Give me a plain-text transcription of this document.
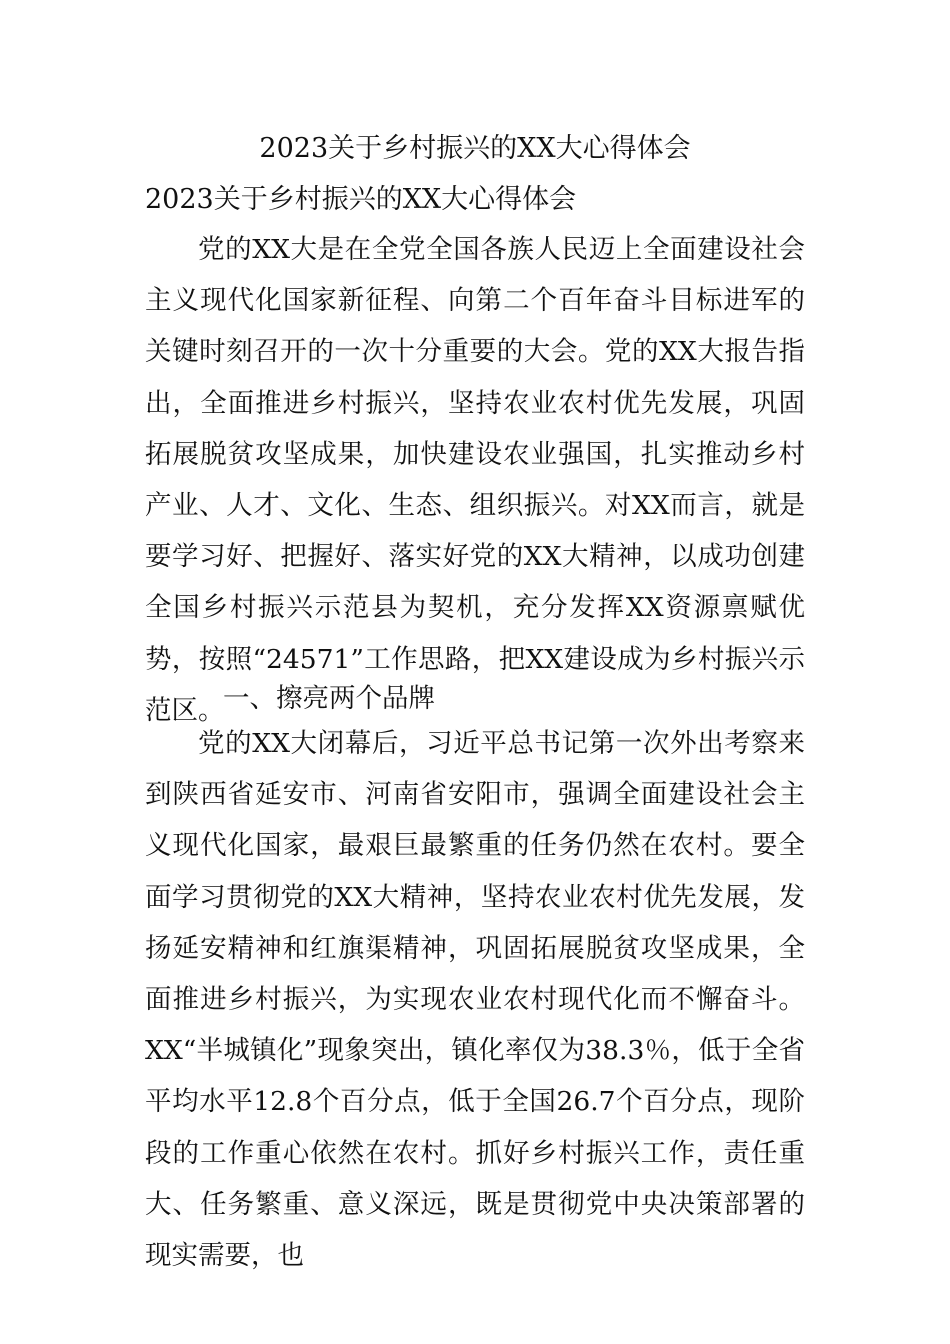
2023关于乡村振兴的XX大心得体会
2023关于乡村振兴的XX大心得体会

党的XX大是在全党全国各族人民迈上全面建设社会主义现代化国家新征程、向第二个百年奋斗目标进军的关键时刻召开的一次十分重要的大会。党的XX大报告指出，全面推进乡村振兴，坚持农业农村优先发展，巩固拓展脱贫攻坚成果，加快建设农业强国，扎实推动乡村产业、人才、文化、生态、组织振兴。对XX而言，就是要学习好、把握好、落实好党的XX大精神，以成功创建全国乡村振兴示范县为契机，充分发挥XX资源禀赋优势，按照“24571”工作思路，把XX建设成为乡村振兴示范区。

一、擦亮两个品牌

党的XX大闭幕后，习近平总书记第一次外出考察来到陕西省延安市、河南省安阳市，强调全面建设社会主义现代化国家，最艰巨最繁重的任务仍然在农村。要全面学习贯彻党的XX大精神，坚持农业农村优先发展，发扬延安精神和红旗渠精神，巩固拓展脱贫攻坚成果，全面推进乡村振兴，为实现农业农村现代化而不懈奋斗。XX“半城镇化”现象突出，镇化率仅为38.3％，低于全省平均水平12.8个百分点，低于全国26.7个百分点，现阶段的工作重心依然在农村。抓好乡村振兴工作，责任重大、任务繁重、意义深远，既是贯彻党中央决策部署的现实需要，也
